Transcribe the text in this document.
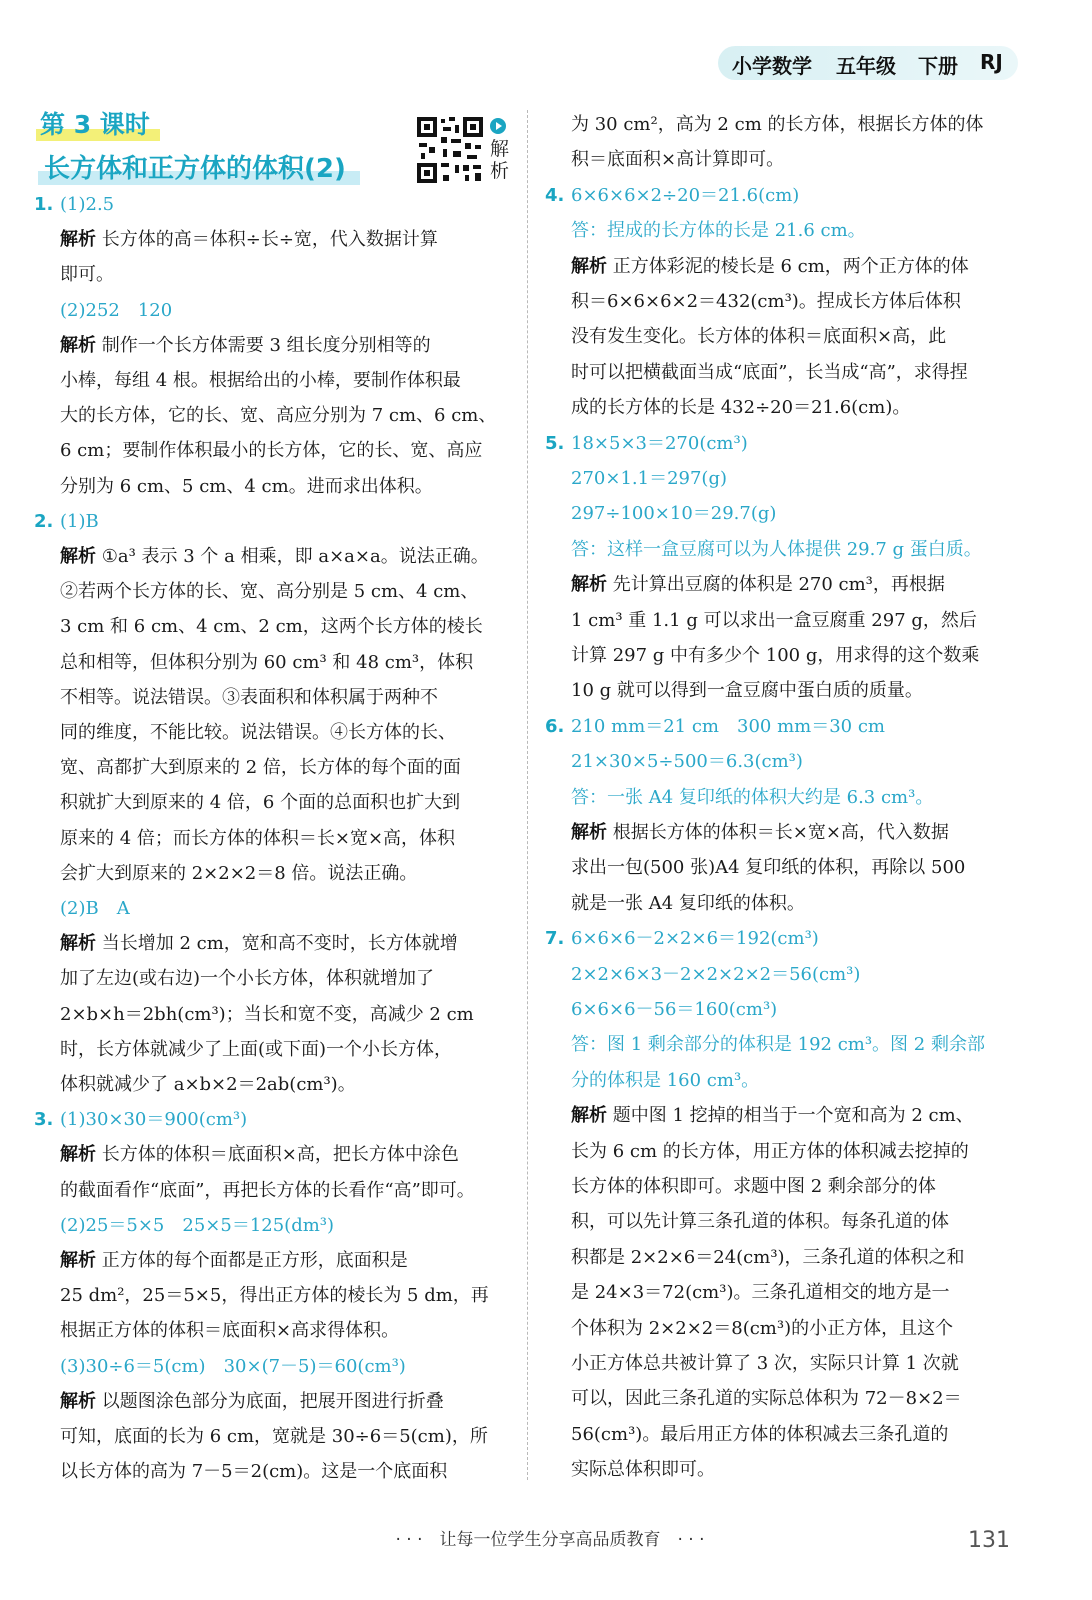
小学数学 五年级 下册 RJ
第 3 课时
长方体和正方体的体积(2)
解
析
1. (1)2.5
解析 长方体的高＝体积÷长÷宽，代入数据计算
即可。
(2)252　120
解析 制作一个长方体需要 3 组长度分别相等的
小棒，每组 4 根。根据给出的小棒，要制作体积最
大的长方体，它的长、宽、高应分别为 7 cm、6 cm、
6 cm；要制作体积最小的长方体，它的长、宽、高应
分别为 6 cm、5 cm、4 cm。进而求出体积。
2. (1)B
解析 ①a³ 表示 3 个 a 相乘，即 a×a×a。说法正确。
②若两个长方体的长、宽、高分别是 5 cm、4 cm、
3 cm 和 6 cm、4 cm、2 cm，这两个长方体的棱长
总和相等，但体积分别为 60 cm³ 和 48 cm³，体积
不相等。说法错误。③表面积和体积属于两种不
同的维度，不能比较。说法错误。④长方体的长、
宽、高都扩大到原来的 2 倍，长方体的每个面的面
积就扩大到原来的 4 倍，6 个面的总面积也扩大到
原来的 4 倍；而长方体的体积＝长×宽×高，体积
会扩大到原来的 2×2×2＝8 倍。说法正确。
(2)B　A
解析 当长增加 2 cm，宽和高不变时，长方体就增
加了左边(或右边)一个小长方体，体积就增加了
2×b×h＝2bh(cm³)；当长和宽不变，高减少 2 cm
时，长方体就减少了上面(或下面)一个小长方体，
体积就减少了 a×b×2＝2ab(cm³)。
3. (1)30×30＝900(cm³)
解析 长方体的体积＝底面积×高，把长方体中涂色
的截面看作“底面”，再把长方体的长看作“高”即可。
(2)25＝5×5　25×5＝125(dm³)
解析 正方体的每个面都是正方形，底面积是
25 dm²，25＝5×5，得出正方体的棱长为 5 dm，再
根据正方体的体积＝底面积×高求得体积。
(3)30÷6＝5(cm)　30×(7－5)＝60(cm³)
解析 以题图涂色部分为底面，把展开图进行折叠
可知，底面的长为 6 cm，宽就是 30÷6＝5(cm)，所
以长方体的高为 7－5＝2(cm)。这是一个底面积
为 30 cm²，高为 2 cm 的长方体，根据长方体的体
积＝底面积×高计算即可。
4. 6×6×6×2÷20＝21.6(cm)
答：捏成的长方体的长是 21.6 cm。
解析 正方体彩泥的棱长是 6 cm，两个正方体的体
积＝6×6×6×2＝432(cm³)。捏成长方体后体积
没有发生变化。长方体的体积＝底面积×高，此
时可以把横截面当成“底面”，长当成“高”，求得捏
成的长方体的长是 432÷20＝21.6(cm)。
5. 18×5×3＝270(cm³)
270×1.1＝297(g)
297÷100×10＝29.7(g)
答：这样一盒豆腐可以为人体提供 29.7 g 蛋白质。
解析 先计算出豆腐的体积是 270 cm³，再根据
1 cm³ 重 1.1 g 可以求出一盒豆腐重 297 g，然后
计算 297 g 中有多少个 100 g，用求得的这个数乘
10 g 就可以得到一盒豆腐中蛋白质的质量。
6. 210 mm＝21 cm　300 mm＝30 cm
21×30×5÷500＝6.3(cm³)
答：一张 A4 复印纸的体积大约是 6.3 cm³。
解析 根据长方体的体积＝长×宽×高，代入数据
求出一包(500 张)A4 复印纸的体积，再除以 500
就是一张 A4 复印纸的体积。
7. 6×6×6－2×2×6＝192(cm³)
2×2×6×3－2×2×2×2＝56(cm³)
6×6×6－56＝160(cm³)
答：图 1 剩余部分的体积是 192 cm³。图 2 剩余部
分的体积是 160 cm³。
解析 题中图 1 挖掉的相当于一个宽和高为 2 cm、
长为 6 cm 的长方体，用正方体的体积减去挖掉的
长方体的体积即可。求题中图 2 剩余部分的体
积，可以先计算三条孔道的体积。每条孔道的体
积都是 2×2×6＝24(cm³)，三条孔道的体积之和
是 24×3＝72(cm³)。三条孔道相交的地方是一
个体积为 2×2×2＝8(cm³)的小正方体，且这个
小正方体总共被计算了 3 次，实际只计算 1 次就
可以，因此三条孔道的实际总体积为 72－8×2＝
56(cm³)。最后用正方体的体积减去三条孔道的
实际总体积即可。
· · ·　让每一位学生分享高品质教育　· · ·	131
